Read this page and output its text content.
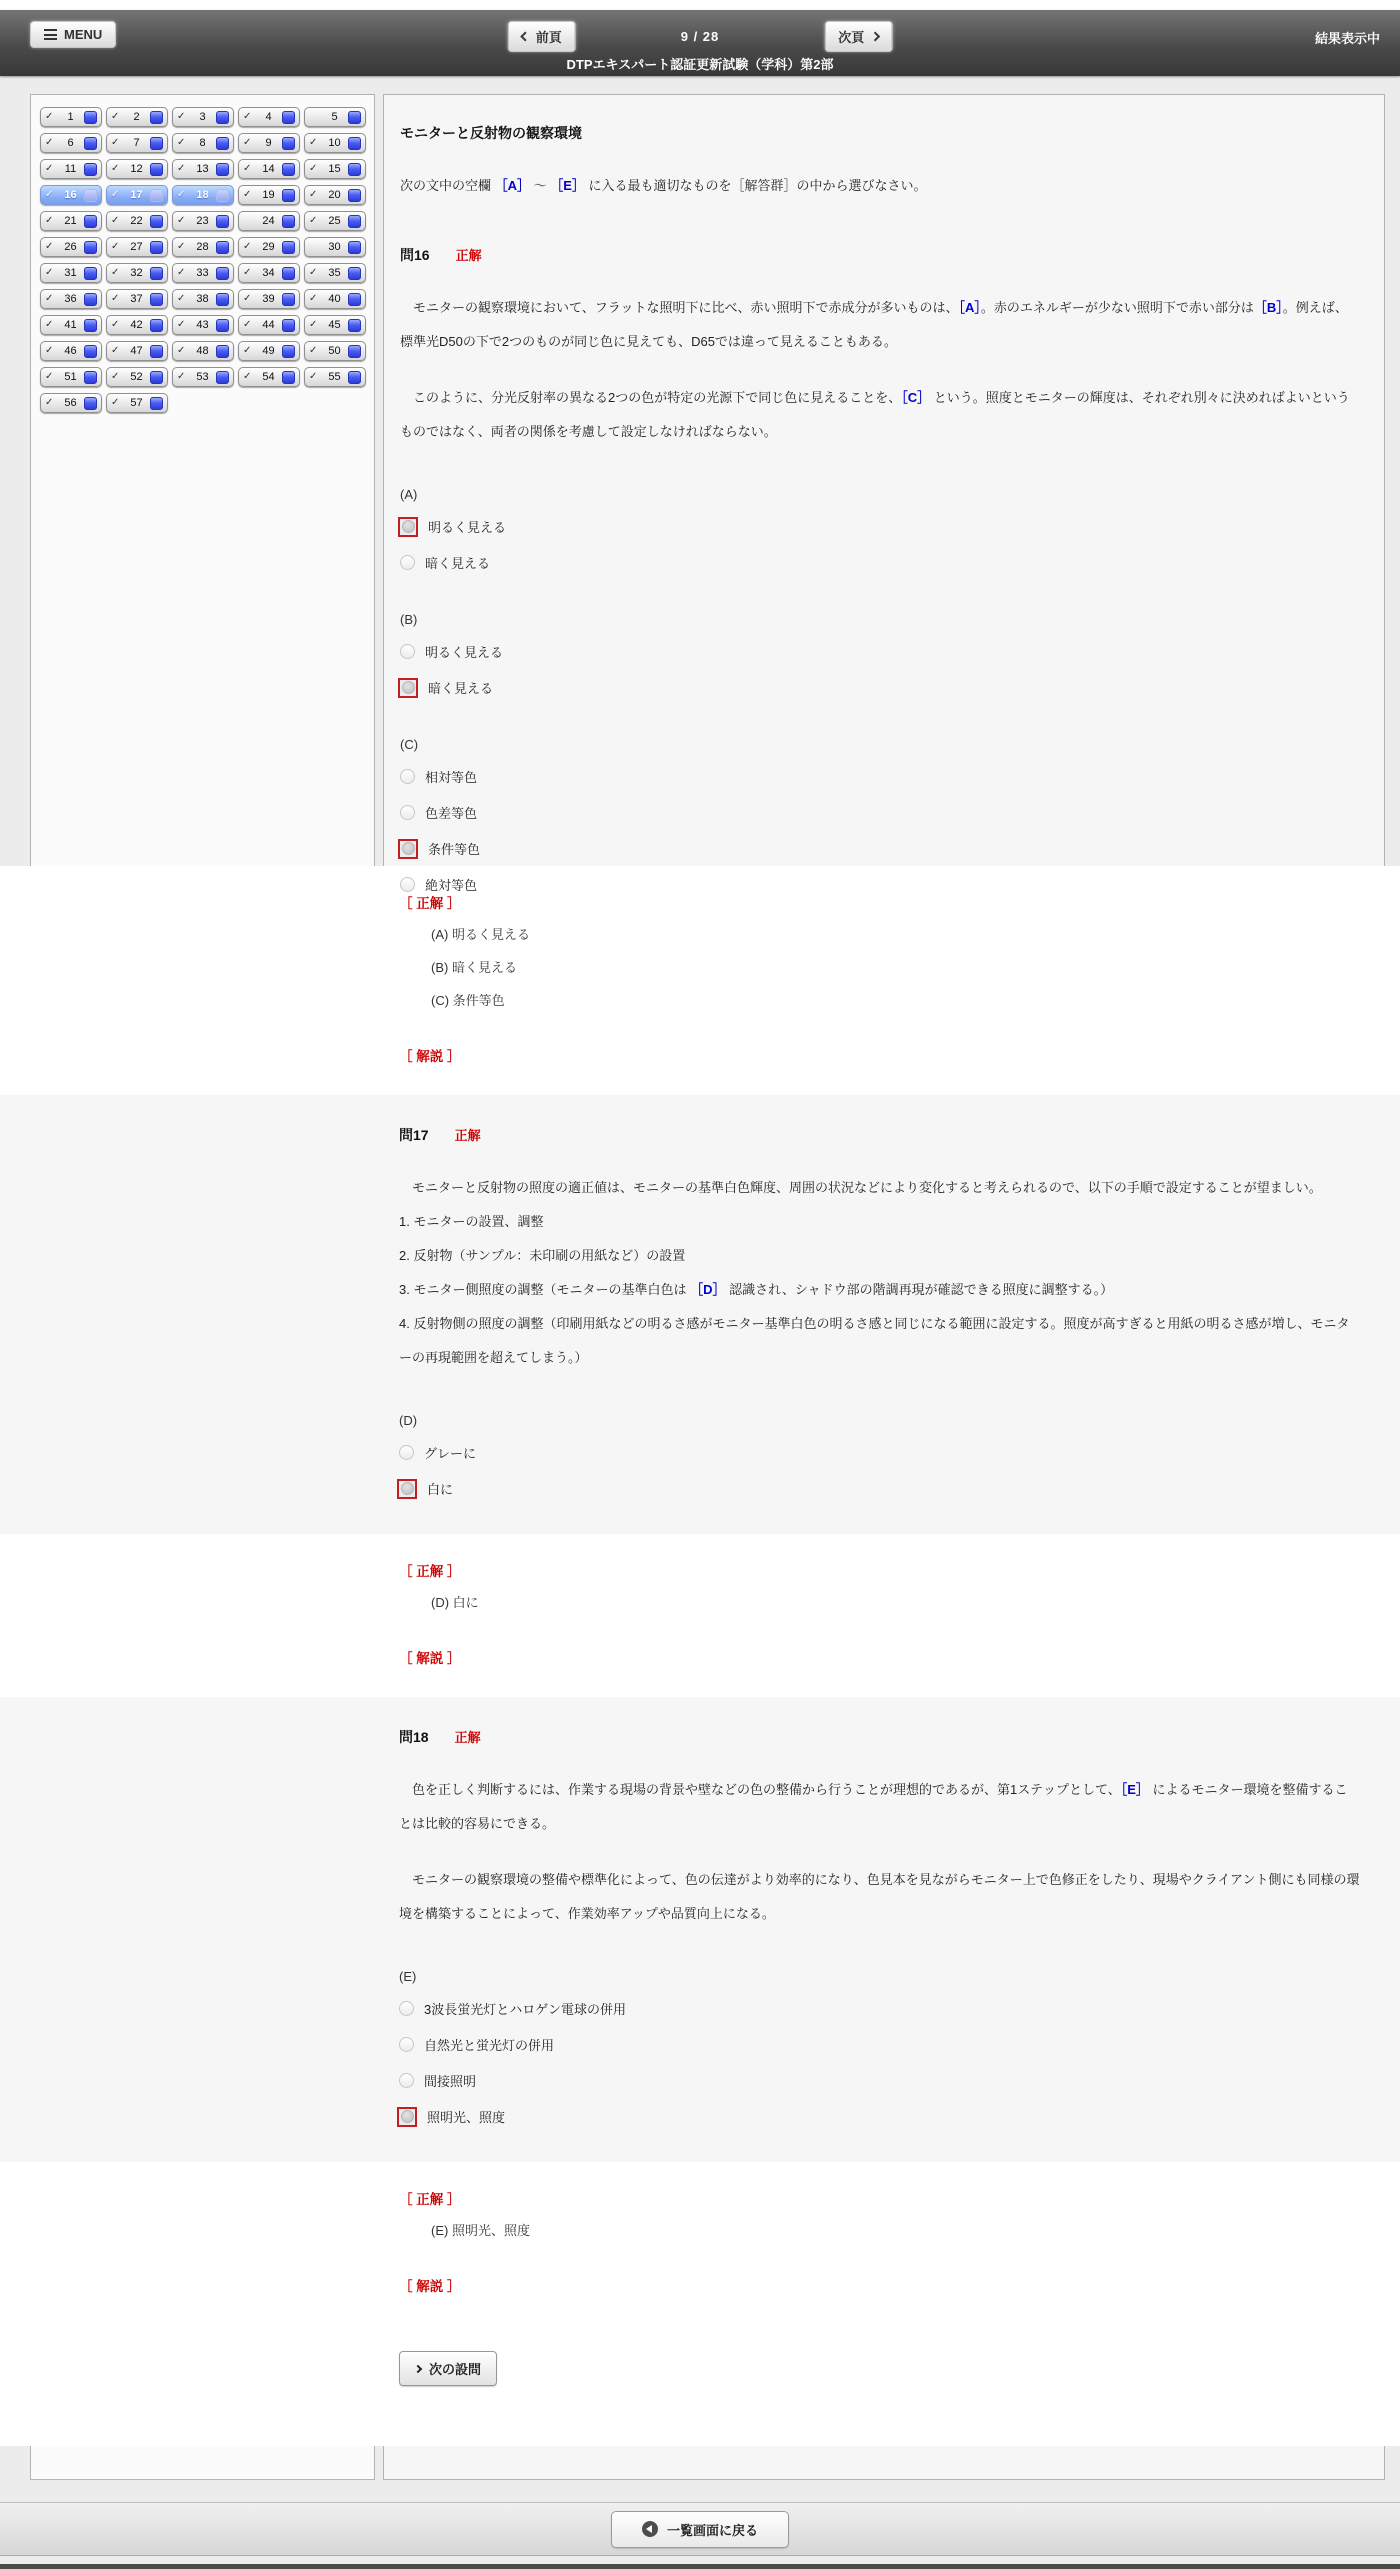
MENU	前頁	9 / 28	次頁	結果表示中
DTPエキスパート認証更新試験（学科）第2部
✓	1	✓	2	✓	3	✓	4	5
✓	6	✓	7	✓	8	✓	9	✓ 10
✓	11	✓ 12	✓ 13	✓ 14	✓ 15
✓ 16	✓ 17	✓ 18	✓ 19	✓ 20
✓ 21	✓ 22	✓ 23	24	✓ 25
✓ 26	✓ 27	✓ 28	✓ 29	30
✓ 31	✓ 32	✓ 33	✓ 34	✓ 35
✓ 36	✓ 37	✓ 38	✓ 39	✓ 40
✓ 41	✓ 42	✓ 43	✓ 44	✓ 45
✓ 46	✓ 47	✓ 48	✓ 49	✓ 50
✓ 51	✓ 52	✓ 53	✓ 54	✓ 55
✓ 56	✓ 57
モニターと反射物の観察環境

次の文中の空欄 ［A］ ～ ［E］ に入る最も適切なものを［解答群］の中から選びなさい。

問16 正解
　モニターの観察環境において、フラットな照明下に比べ、赤い照明下で赤成分が多いものは、［A］。赤のエネルギーが少ない照明下で赤い部分は［B］。例えば、標準光D50の下で2つのものが同じ色に見えても、D65では違って見えることもある。
　このように、分光反射率の異なる2つの色が特定の光源下で同じ色に見えることを、［C］ という。照度とモニターの輝度は、それぞれ別々に決めればよいというものではなく、両者の関係を考慮して設定しなければならない。
(A)
明るく見える
暗く見える
(B)
明るく見える
暗く見える
(C)
相対等色
色差等色
条件等色
絶対等色
［ 正解 ］
(A) 明るく見える
(B) 暗く見える
(C) 条件等色
［ 解説 ］
問17 正解
　モニターと反射物の照度の適正値は、モニターの基準白色輝度、周囲の状況などにより変化すると考えられるので、以下の手順で設定することが望ましい。
1. モニターの設置、調整
2. 反射物（サンプル：未印刷の用紙など）の設置
3. モニター側照度の調整（モニターの基準白色は ［D］ 認識され、シャドウ部の階調再現が確認できる照度に調整する。）
4. 反射物側の照度の調整（印刷用紙などの明るさ感がモニター基準白色の明るさ感と同じになる範囲に設定する。照度が高すぎると用紙の明るさ感が増し、モニターの再現範囲を超えてしまう。）
(D)
グレーに
白に
［ 正解 ］
(D) 白に
［ 解説 ］
問18 正解
　色を正しく判断するには、作業する現場の背景や壁などの色の整備から行うことが理想的であるが、第1ステップとして、［E］ によるモニター環境を整備することは比較的容易にできる。
　モニターの観察環境の整備や標準化によって、色の伝達がより効率的になり、色見本を見ながらモニター上で色修正をしたり、現場やクライアント側にも同様の環境を構築することによって、作業効率アップや品質向上になる。
(E)
3波長蛍光灯とハロゲン電球の併用
自然光と蛍光灯の併用
間接照明
照明光、照度
［ 正解 ］
(E) 照明光、照度
［ 解説 ］
次の設問
一覧画面に戻る
